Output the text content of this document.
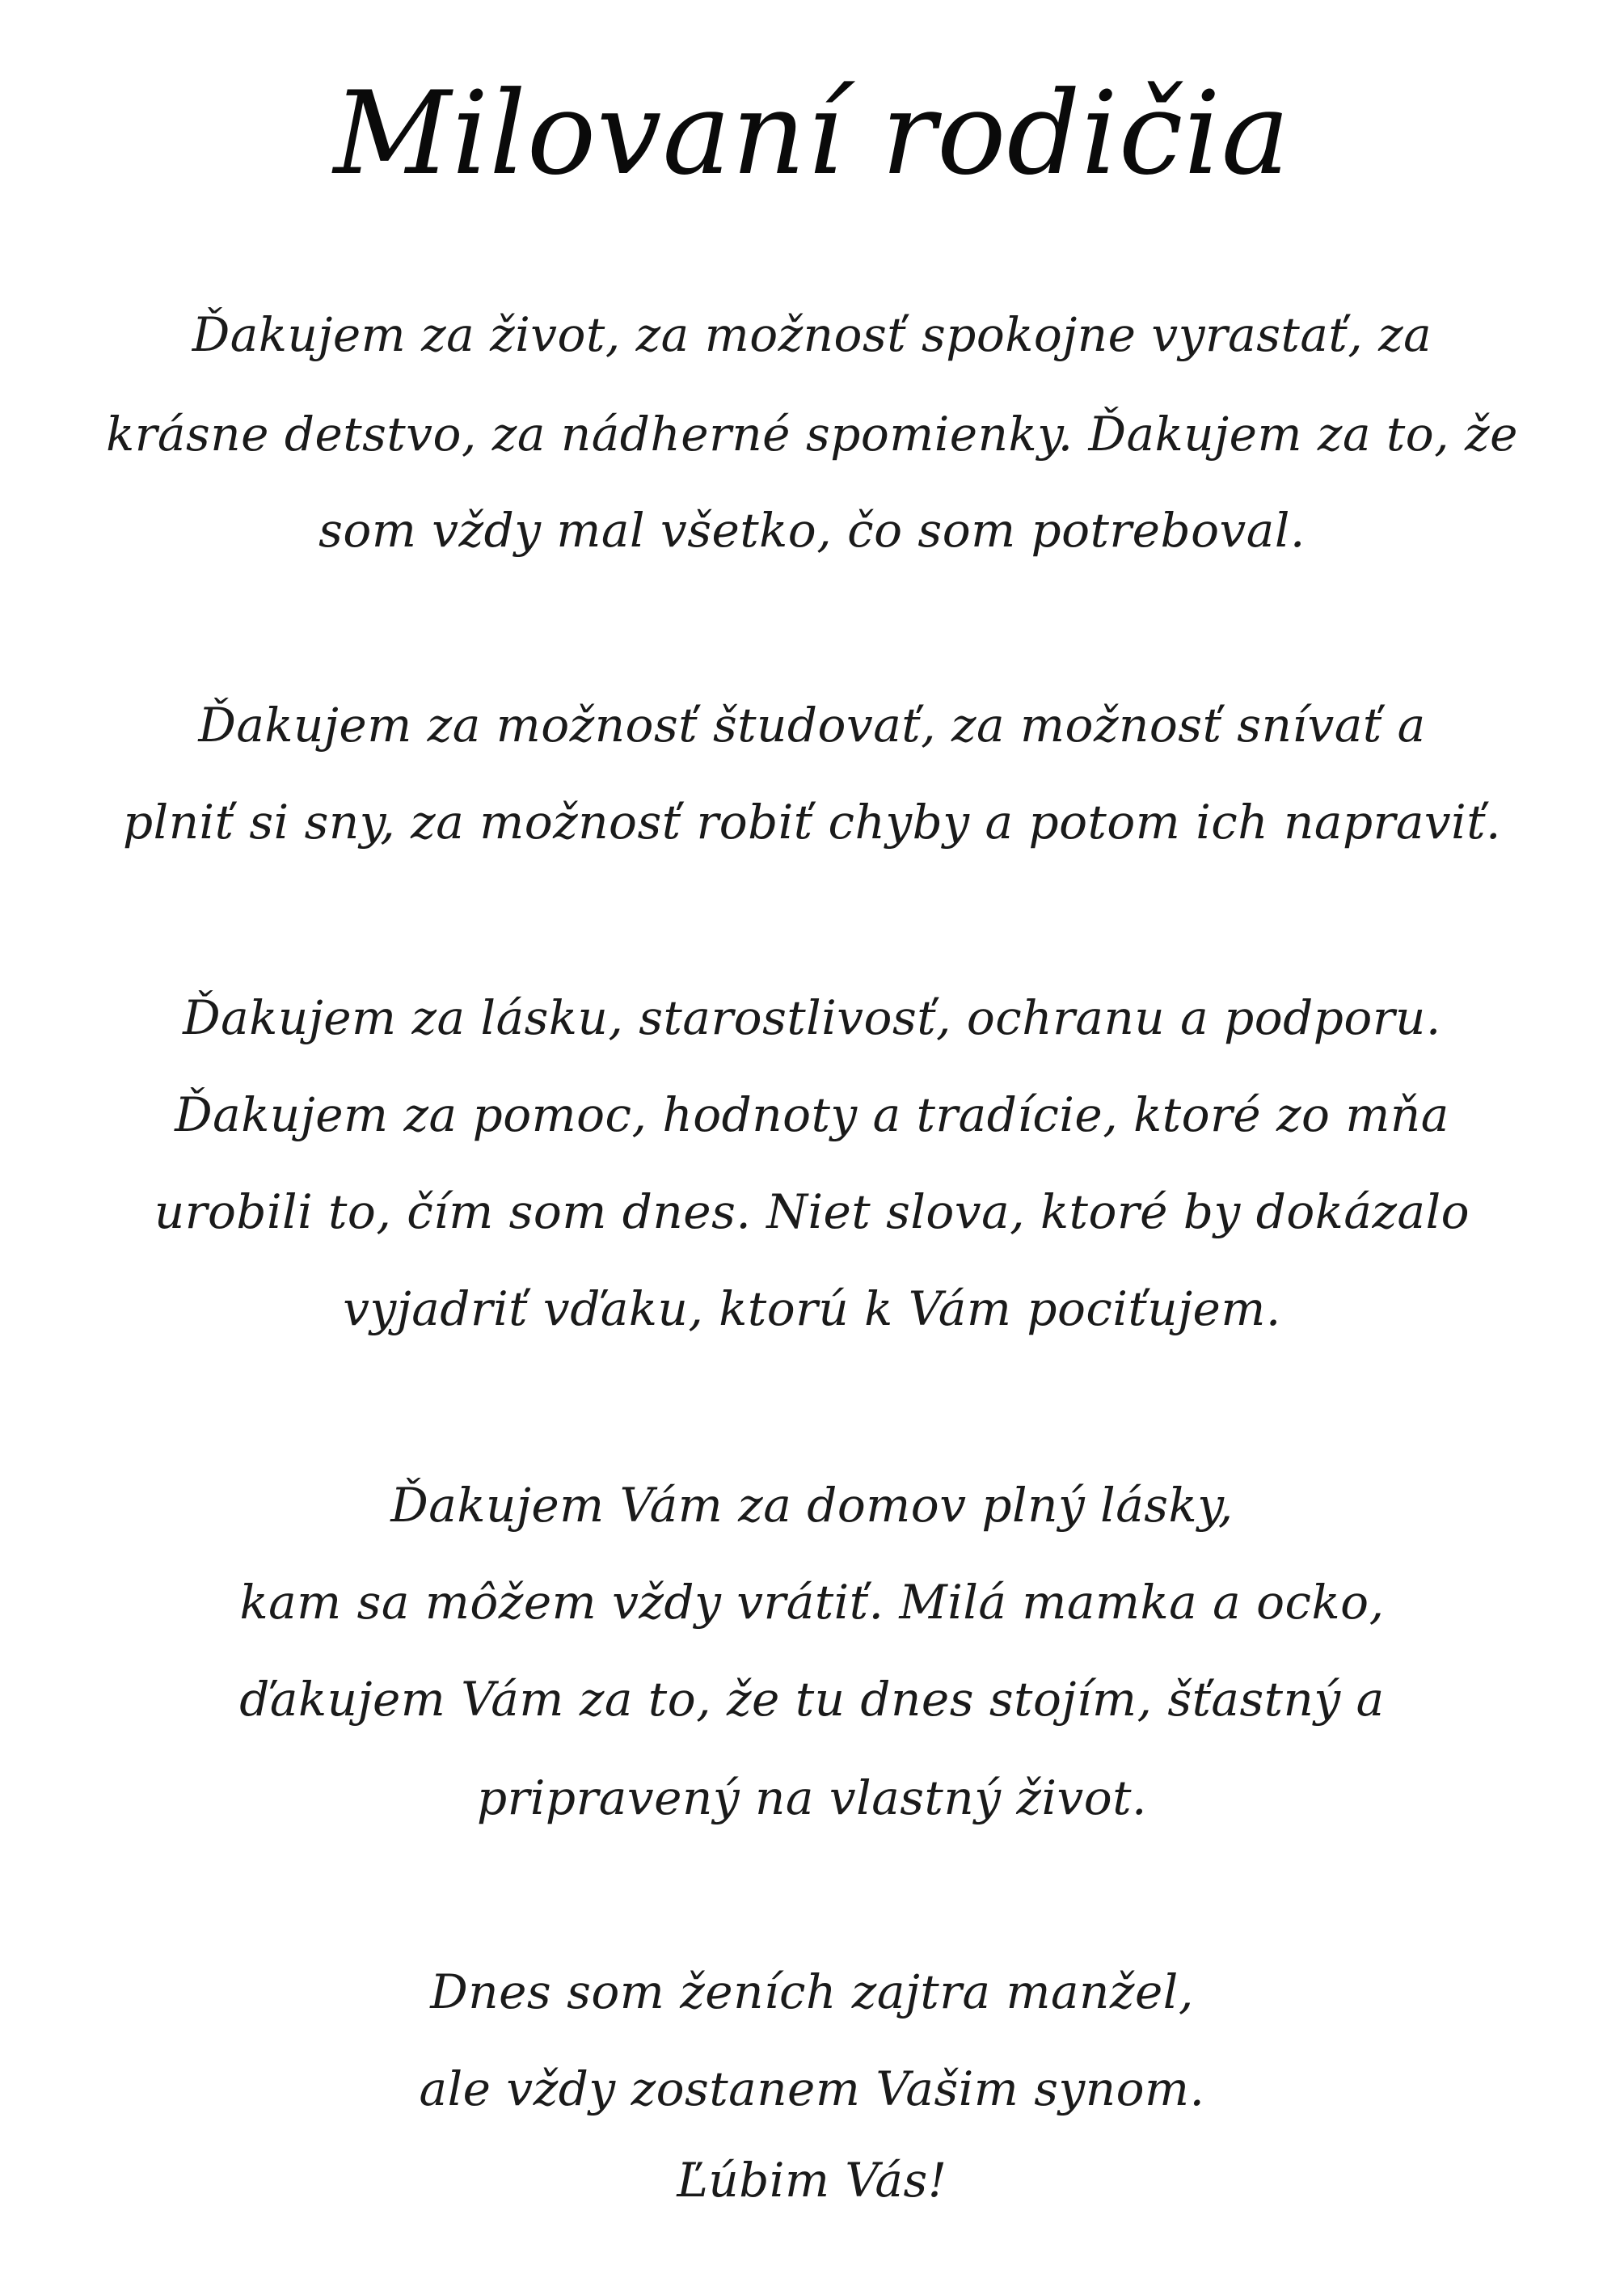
Milovaní rodičia
Ďakujem za život, za možnosť spokojne vyrastať, za
krásne detstvo, za nádherné spomienky. Ďakujem za to, že
som vždy mal všetko, čo som potreboval.
Ďakujem za možnosť študovať, za možnosť snívať a
plniť si sny, za možnosť robiť chyby a potom ich napraviť.
Ďakujem za lásku, starostlivosť, ochranu a podporu.
Ďakujem za pomoc, hodnoty a tradície, ktoré zo mňa
urobili to, čím som dnes. Niet slova, ktoré by dokázalo
vyjadriť vďaku, ktorú k Vám pociťujem.
Ďakujem Vám za domov plný lásky,
kam sa môžem vždy vrátiť. Milá mamka a ocko,
ďakujem Vám za to, že tu dnes stojím, šťastný a
pripravený na vlastný život.
Dnes som ženích zajtra manžel,
ale vždy zostanem Vašim synom.
Ľúbim Vás!
